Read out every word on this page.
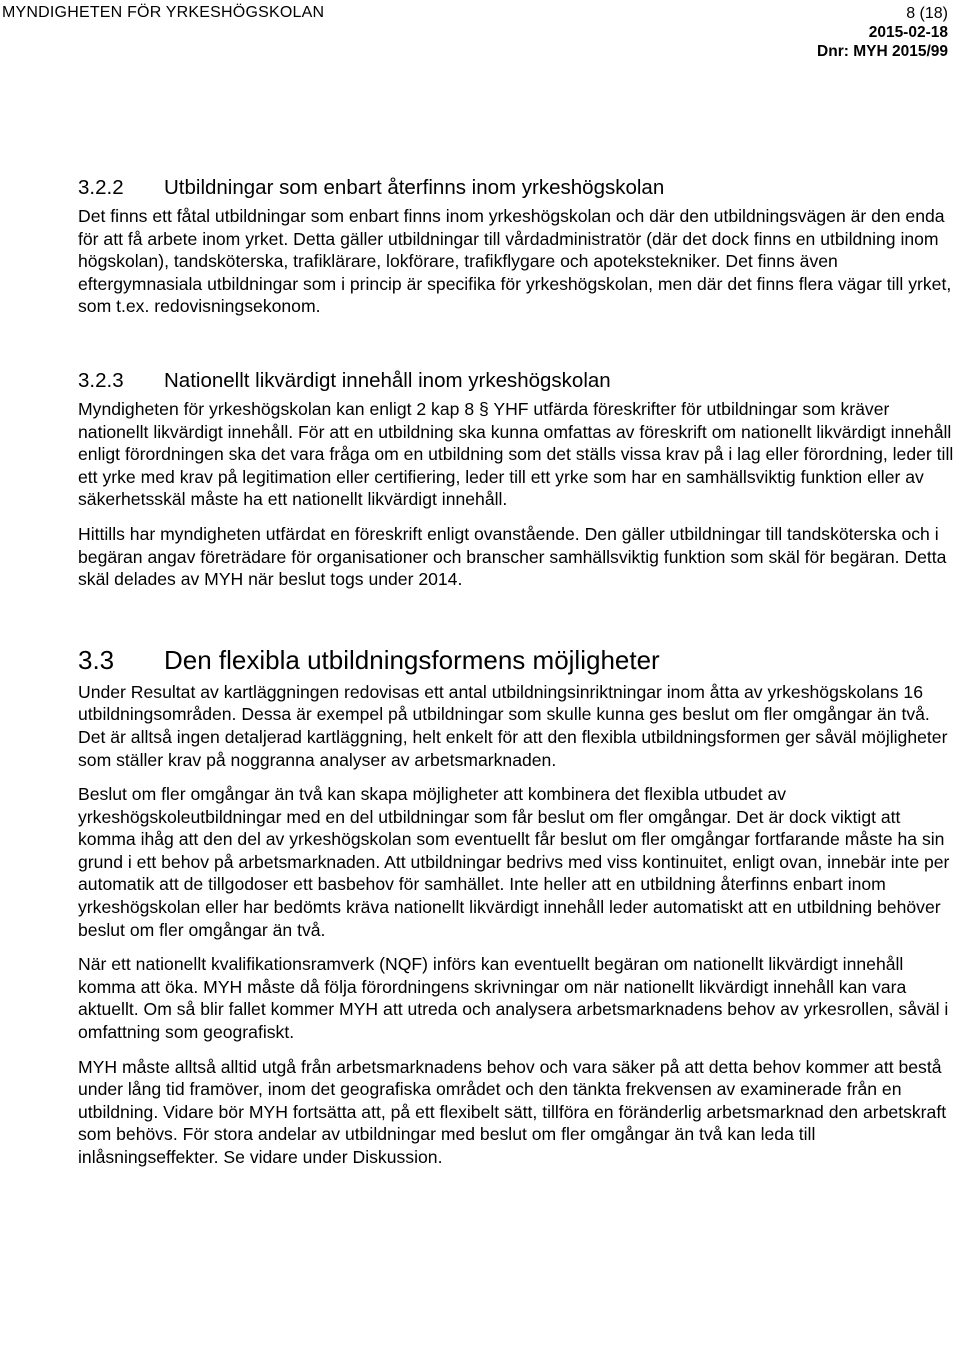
MYNDIGHETEN FÖR YRKESHÖGSKOLAN	8 (18)
2015-02-18
Dnr: MYH 2015/99
3.2.2 Utbildningar som enbart återfinns inom yrkeshögskolan

Det finns ett fåtal utbildningar som enbart finns inom yrkeshögskolan och där den utbildningsvägen är den enda för att få arbete inom yrket. Detta gäller utbildningar till vårdadministratör (där det dock finns en utbildning inom högskolan), tandsköterska, trafiklärare, lokförare, trafikflygare och apotekstekniker. Det finns även eftergymnasiala utbildningar som i princip är specifika för yrkeshögskolan, men där det finns flera vägar till yrket, som t.ex. redovisningsekonom.

3.2.3 Nationellt likvärdigt innehåll inom yrkeshögskolan

Myndigheten för yrkeshögskolan kan enligt 2 kap 8 § YHF utfärda föreskrifter för utbildningar som kräver nationellt likvärdigt innehåll. För att en utbildning ska kunna omfattas av föreskrift om nationellt likvärdigt innehåll enligt förordningen ska det vara fråga om en utbildning som det ställs vissa krav på i lag eller förordning, leder till ett yrke med krav på legitimation eller certifiering, leder till ett yrke som har en samhällsviktig funktion eller av säkerhetsskäl måste ha ett nationellt likvärdigt innehåll.

Hittills har myndigheten utfärdat en föreskrift enligt ovanstående. Den gäller utbildningar till tandsköterska och i begäran angav företrädare för organisationer och branscher samhällsviktig funktion som skäl för begäran. Detta skäl delades av MYH när beslut togs under 2014.

3.3 Den flexibla utbildningsformens möjligheter

Under Resultat av kartläggningen redovisas ett antal utbildningsinriktningar inom åtta av yrkeshögskolans 16 utbildningsområden. Dessa är exempel på utbildningar som skulle kunna ges beslut om fler omgångar än två. Det är alltså ingen detaljerad kartläggning, helt enkelt för att den flexibla utbildningsformen ger såväl möjligheter som ställer krav på noggranna analyser av arbetsmarknaden.

Beslut om fler omgångar än två kan skapa möjligheter att kombinera det flexibla utbudet av yrkeshögskoleutbildningar med en del utbildningar som får beslut om fler omgångar. Det är dock viktigt att komma ihåg att den del av yrkeshögskolan som eventuellt får beslut om fler omgångar fortfarande måste ha sin grund i ett behov på arbetsmarknaden. Att utbildningar bedrivs med viss kontinuitet, enligt ovan, innebär inte per automatik att de tillgodoser ett basbehov för samhället. Inte heller att en utbildning återfinns enbart inom yrkeshögskolan eller har bedömts kräva nationellt likvärdigt innehåll leder automatiskt att en utbildning behöver beslut om fler omgångar än två.

När ett nationellt kvalifikationsramverk (NQF) införs kan eventuellt begäran om nationellt likvärdigt innehåll komma att öka. MYH måste då följa förordningens skrivningar om när nationellt likvärdigt innehåll kan vara aktuellt. Om så blir fallet kommer MYH att utreda och analysera arbetsmarknadens behov av yrkesrollen, såväl i omfattning som geografiskt.

MYH måste alltså alltid utgå från arbetsmarknadens behov och vara säker på att detta behov kommer att bestå under lång tid framöver, inom det geografiska området och den tänkta frekvensen av examinerade från en utbildning. Vidare bör MYH fortsätta att, på ett flexibelt sätt, tillföra en föränderlig arbetsmarknad den arbetskraft som behövs. För stora andelar av utbildningar med beslut om fler omgångar än två kan leda till inlåsningseffekter. Se vidare under Diskussion.
